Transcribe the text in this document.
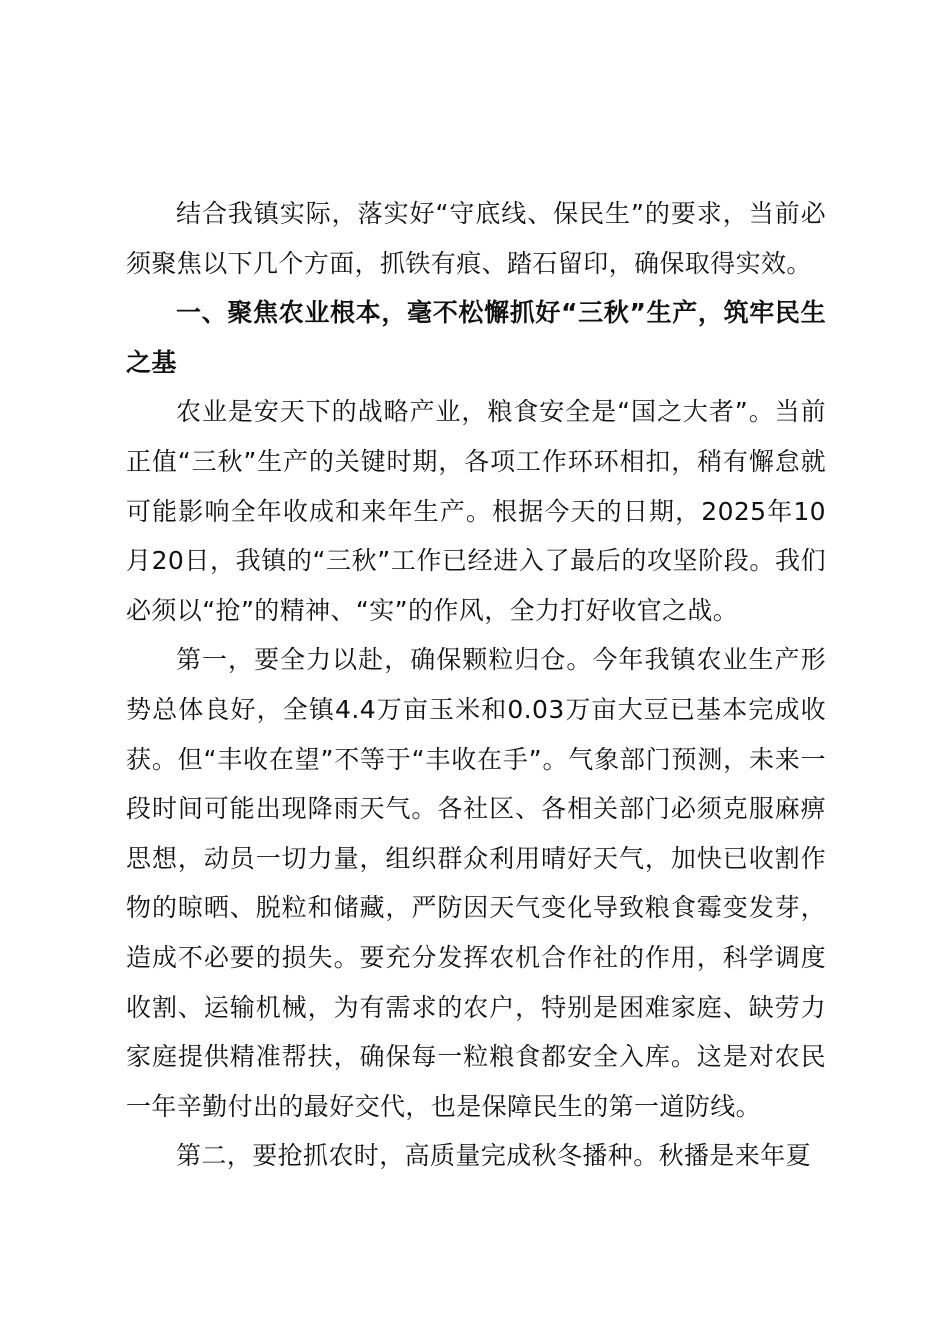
结合我镇实际，落实好“守底线、保民生”的要求，当前必须聚焦以下几个方面，抓铁有痕、踏石留印，确保取得实效。

一、聚焦农业根本，毫不松懈抓好“三秋”生产，筑牢民生之基

农业是安天下的战略产业，粮食安全是“国之大者”。当前正值“三秋”生产的关键时期，各项工作环环相扣，稍有懈怠就可能影响全年收成和来年生产。根据今天的日期，2025年10月20日，我镇的“三秋”工作已经进入了最后的攻坚阶段。我们必须以“抢”的精神、“实”的作风，全力打好收官之战。

第一，要全力以赴，确保颗粒归仓。今年我镇农业生产形势总体良好，全镇4.4万亩玉米和0.03万亩大豆已基本完成收获。但“丰收在望”不等于“丰收在手”。气象部门预测，未来一段时间可能出现降雨天气。各社区、各相关部门必须克服麻痹思想，动员一切力量，组织群众利用晴好天气，加快已收割作物的晾晒、脱粒和储藏，严防因天气变化导致粮食霉变发芽，造成不必要的损失。要充分发挥农机合作社的作用，科学调度收割、运输机械，为有需求的农户，特别是困难家庭、缺劳力家庭提供精准帮扶，确保每一粒粮食都安全入库。这是对农民一年辛勤付出的最好交代，也是保障民生的第一道防线。

第二，要抢抓农时，高质量完成秋冬播种。秋播是来年夏
